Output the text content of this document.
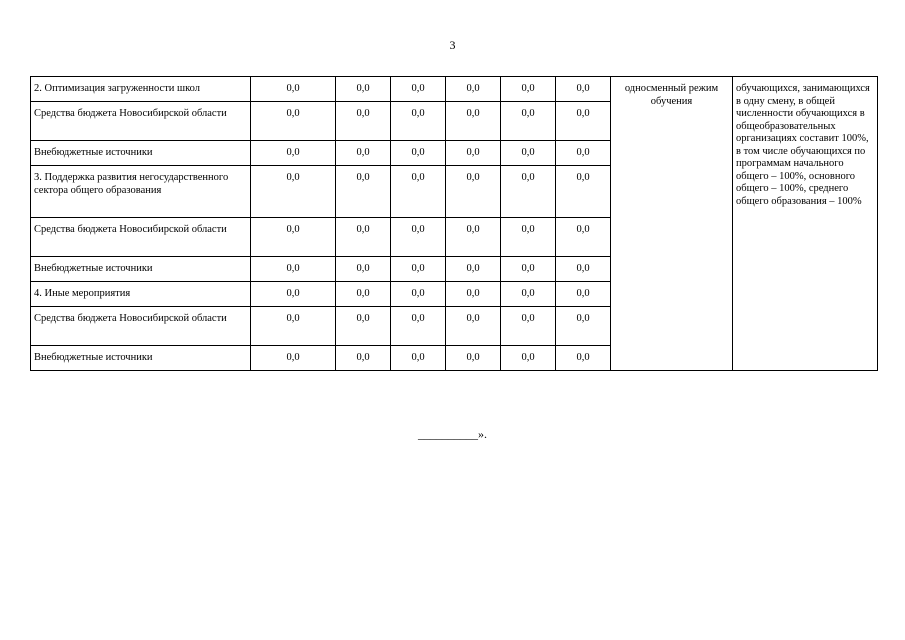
3
2. Оптимизация загруженности школ	0,0	0,0	0,0	0,0	0,0	0,0	односменный режим обучения	обучающихся, занимающихся в одну смену, в общей численности обучающихся в общеобразовательных организациях составит 100%, в том числе обучающихся по программам начального общего – 100%, основного общего – 100%, среднего общего образования – 100%
Средства бюджета Новосибирской области	0,0	0,0	0,0	0,0	0,0	0,0		
Внебюджетные источники	0,0	0,0	0,0	0,0	0,0	0,0		
3. Поддержка развития негосударственного сектора общего образования	0,0	0,0	0,0	0,0	0,0	0,0		
Средства бюджета Новосибирской области	0,0	0,0	0,0	0,0	0,0	0,0		
Внебюджетные источники	0,0	0,0	0,0	0,0	0,0	0,0		
4. Иные мероприятия	0,0	0,0	0,0	0,0	0,0	0,0		
Средства бюджета Новосибирской области	0,0	0,0	0,0	0,0	0,0	0,0		
Внебюджетные источники	0,0	0,0	0,0	0,0	0,0	0,0		
__________».
